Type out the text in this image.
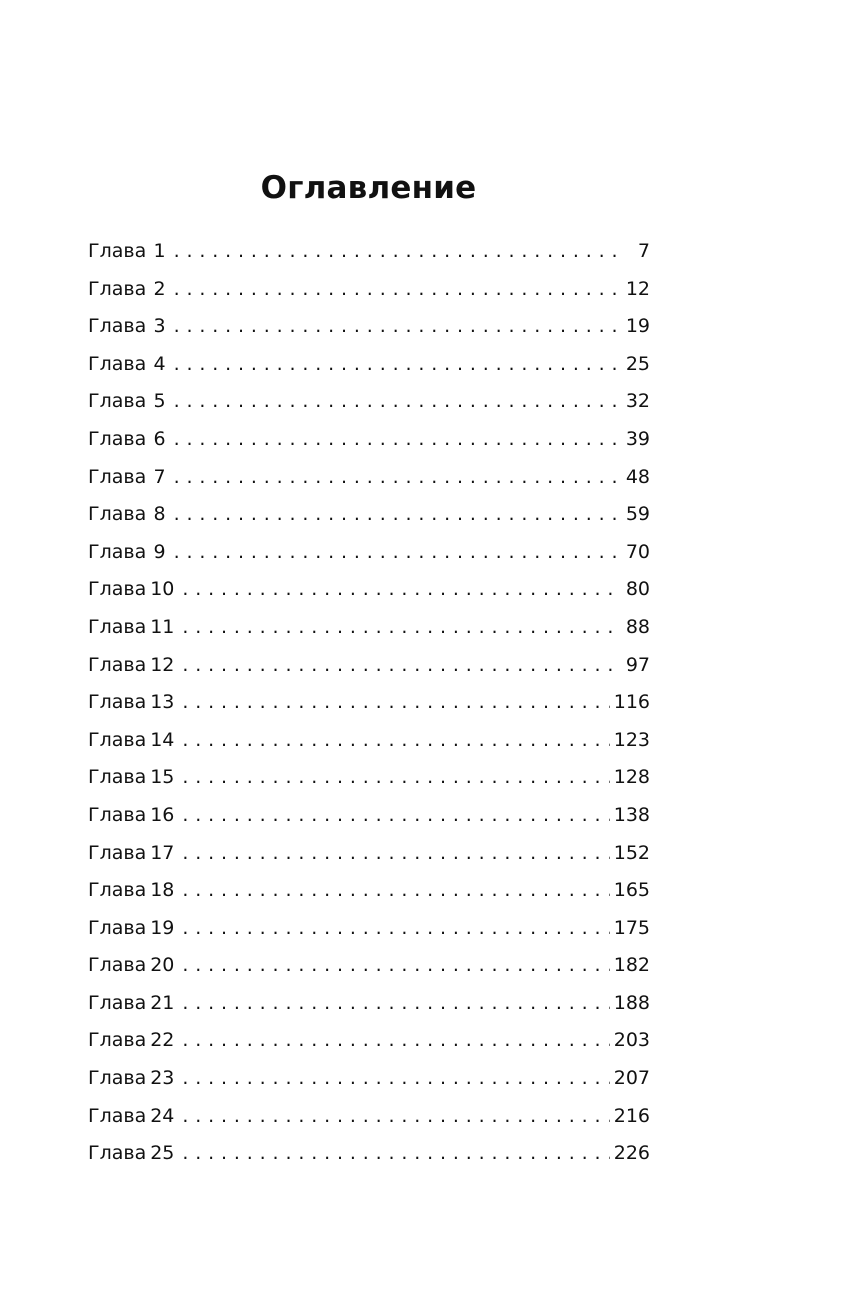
Оглавление
Глава 1 . . .	7
Глава 2 . . .	12
Глава 3 . . .	19
Глава 4 . . .	25
Глава 5 . . .	32
Глава 6 . . .	39
Глава 7 . . .	48
Глава 8 . . .	59
Глава 9 . . .	70
Глава 10 . . .	80
Глава 11 . . .	88
Глава 12 . . .	97
Глава 13 . . .	116
Глава 14 . . .	123
Глава 15 . . .	128
Глава 16 . . .	138
Глава 17 . . .	152
Глава 18 . . .	165
Глава 19 . . .	175
Глава 20 . . .	182
Глава 21 . . .	188
Глава 22 . . .	203
Глава 23 . . .	207
Глава 24 . . .	216
Глава 25 . . .	226
